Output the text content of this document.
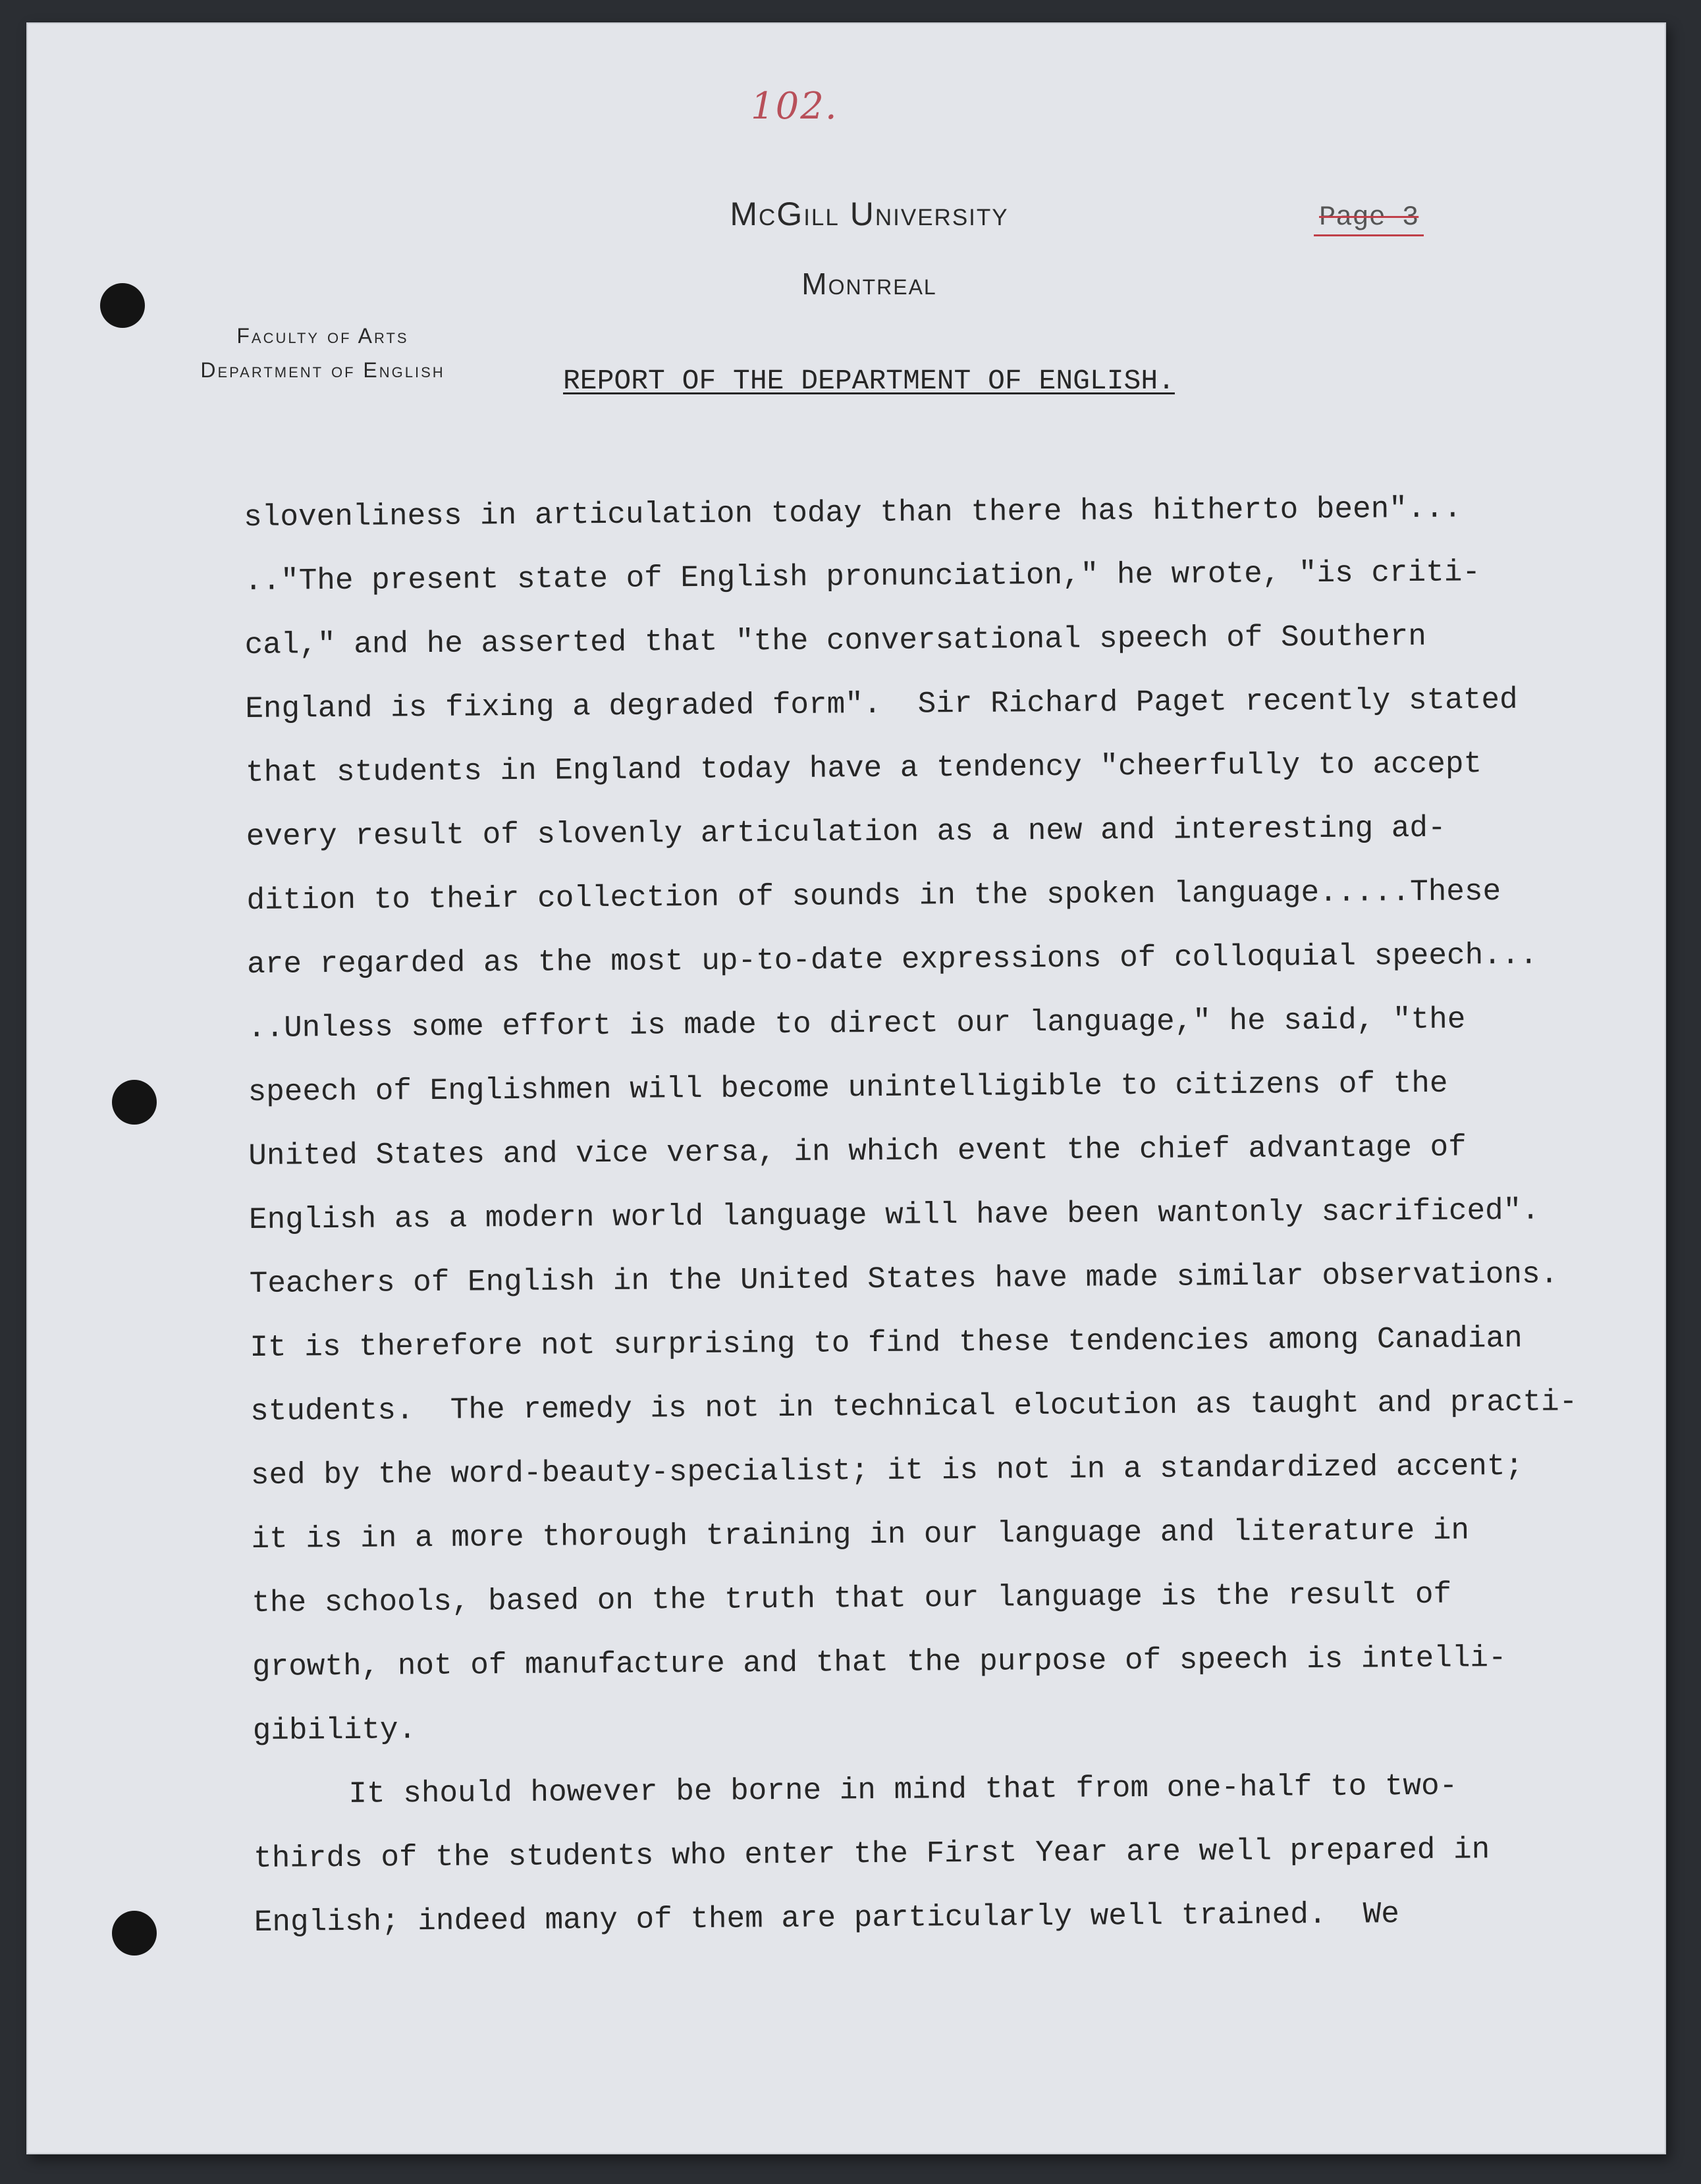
102.
McGill University
Montreal
Faculty of Arts
Department of English
Page 3
REPORT OF THE DEPARTMENT OF ENGLISH.
slovenliness in articulation today than there has hitherto been"...
.."The present state of English pronunciation," he wrote, "is criti-
cal," and he asserted that "the conversational speech of Southern
England is fixing a degraded form".  Sir Richard Paget recently stated
that students in England today have a tendency "cheerfully to accept
every result of slovenly articulation as a new and interesting ad-
dition to their collection of sounds in the spoken language.....These
are regarded as the most up-to-date expressions of colloquial speech...
..Unless some effort is made to direct our language," he said, "the
speech of Englishmen will become unintelligible to citizens of the
United States and vice versa, in which event the chief advantage of
English as a modern world language will have been wantonly sacrificed".
Teachers of English in the United States have made similar observations.
It is therefore not surprising to find these tendencies among Canadian
students.  The remedy is not in technical elocution as taught and practi-
sed by the word-beauty-specialist; it is not in a standardized accent;
it is in a more thorough training in our language and literature in
the schools, based on the truth that our language is the result of
growth, not of manufacture and that the purpose of speech is intelli-
gibility.
It should however be borne in mind that from one-half to two-
thirds of the students who enter the First Year are well prepared in
English; indeed many of them are particularly well trained.  We
